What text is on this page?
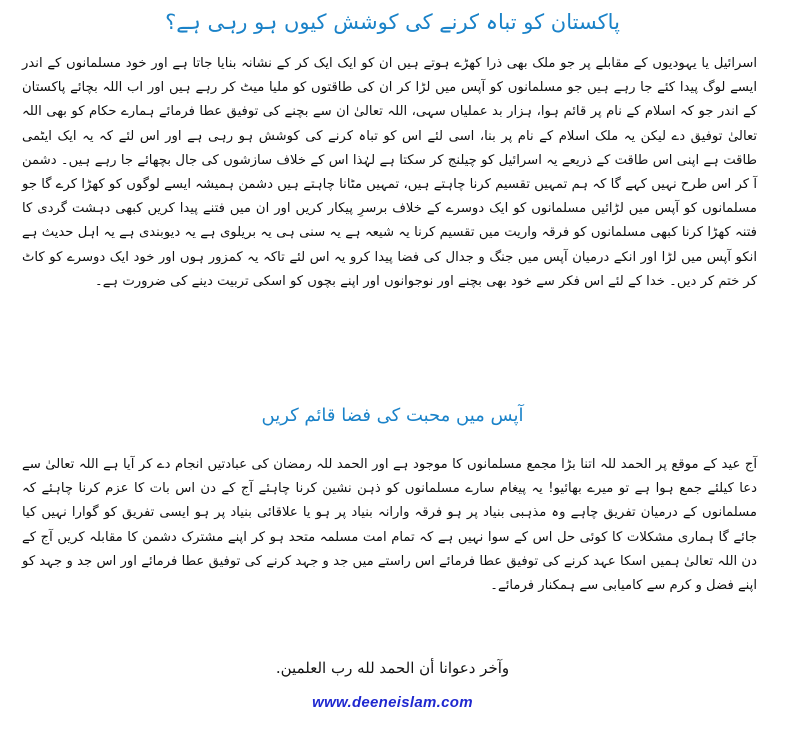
پاکستان کو تباہ کرنے کی کوشش کیوں ہو رہی ہے؟

اسرائیل یا یہودیوں کے مقابلے پر جو ملک بھی ذرا کھڑے ہوتے ہیں ان کو ایک ایک کر کے نشانہ بنایا جاتا ہے اور خود مسلمانوں کے اندر ایسے لوگ پیدا کئے جا رہے ہیں جو مسلمانوں کو آپس میں لڑا کر ان کی طاقتوں کو ملیا میٹ کر رہے ہیں اور اب اللہ بچائے پاکستان کے اندر جو کہ اسلام کے نام پر قائم ہوا، ہزار بد عملیاں سہی، اللہ تعالیٰ ان سے بچنے کی توفیق عطا فرمائے ہمارے حکام کو بھی اللہ تعالیٰ توفیق دے لیکن یہ ملک اسلام کے نام پر بنا، اسی لئے اس کو تباہ کرنے کی کوشش ہو رہی ہے اور اس لئے کہ یہ ایک ایٹمی طاقت ہے اپنی اس طاقت کے ذریعے یہ اسرائیل کو چیلنج کر سکتا ہے لہٰذا اس کے خلاف سازشوں کی جال بچھائے جا رہے ہیں۔ دشمن آ کر اس طرح نہیں کہے گا کہ ہم تمہیں تقسیم کرنا چاہتے ہیں، تمہیں مٹانا چاہتے ہیں دشمن ہمیشہ ایسے لوگوں کو کھڑا کرے گا جو مسلمانوں کو آپس میں لڑائیں مسلمانوں کو ایک دوسرے کے خلاف برسرِ پیکار کریں اور ان میں فتنے پیدا کریں کبھی دہشت گردی کا فتنہ کھڑا کرنا کبھی مسلمانوں کو فرقہ واریت میں تقسیم کرنا یہ شیعہ ہے یہ سنی ہی یہ بریلوی ہے یہ دیوبندی ہے یہ اہل حدیث ہے انکو آپس میں لڑا اور انکے درمیان آپس میں جنگ و جدال کی فضا پیدا کرو یہ اس لئے تاکہ یہ کمزور ہوں اور خود ایک دوسرے کو کاٹ کر ختم کر دیں۔ خدا کے لئے اس فکر سے خود بھی بچنے اور نوجوانوں اور اپنے بچوں کو اسکی تربیت دینے کی ضرورت ہے۔

آپس میں محبت کی فضا قائم کریں

آج عید کے موقع پر الحمد للہ اتنا بڑا مجمع مسلمانوں کا موجود ہے اور الحمد للہ رمضان کی عبادتیں انجام دے کر آیا ہے اللہ تعالیٰ سے دعا کیلئے جمع ہوا ہے تو میرے بھائیو! یہ پیغام سارے مسلمانوں کو ذہن نشین کرنا چاہئے آج کے دن اس بات کا عزم کرنا چاہئے کہ مسلمانوں کے درمیان تفریق چاہے وہ مذہبی بنیاد پر ہو فرقہ وارانہ بنیاد پر ہو یا علاقائی بنیاد پر ہو ایسی تفریق کو گوارا نہیں کیا جائے گا ہماری مشکلات کا کوئی حل اس کے سوا نہیں ہے کہ تمام امت مسلمہ متحد ہو کر اپنے مشترک دشمن کا مقابلہ کریں آج کے دن اللہ تعالیٰ ہمیں اسکا عہد کرنے کی توفیق عطا فرمائے اس راستے میں جد و جہد کرنے کی توفیق عطا فرمائے اور اس جد و جہد کو اپنے فضل و کرم سے کامیابی سے ہمکنار فرمائے۔

وآخر دعوانا أن الحمد لله رب العلمين.
www.deeneislam.com
